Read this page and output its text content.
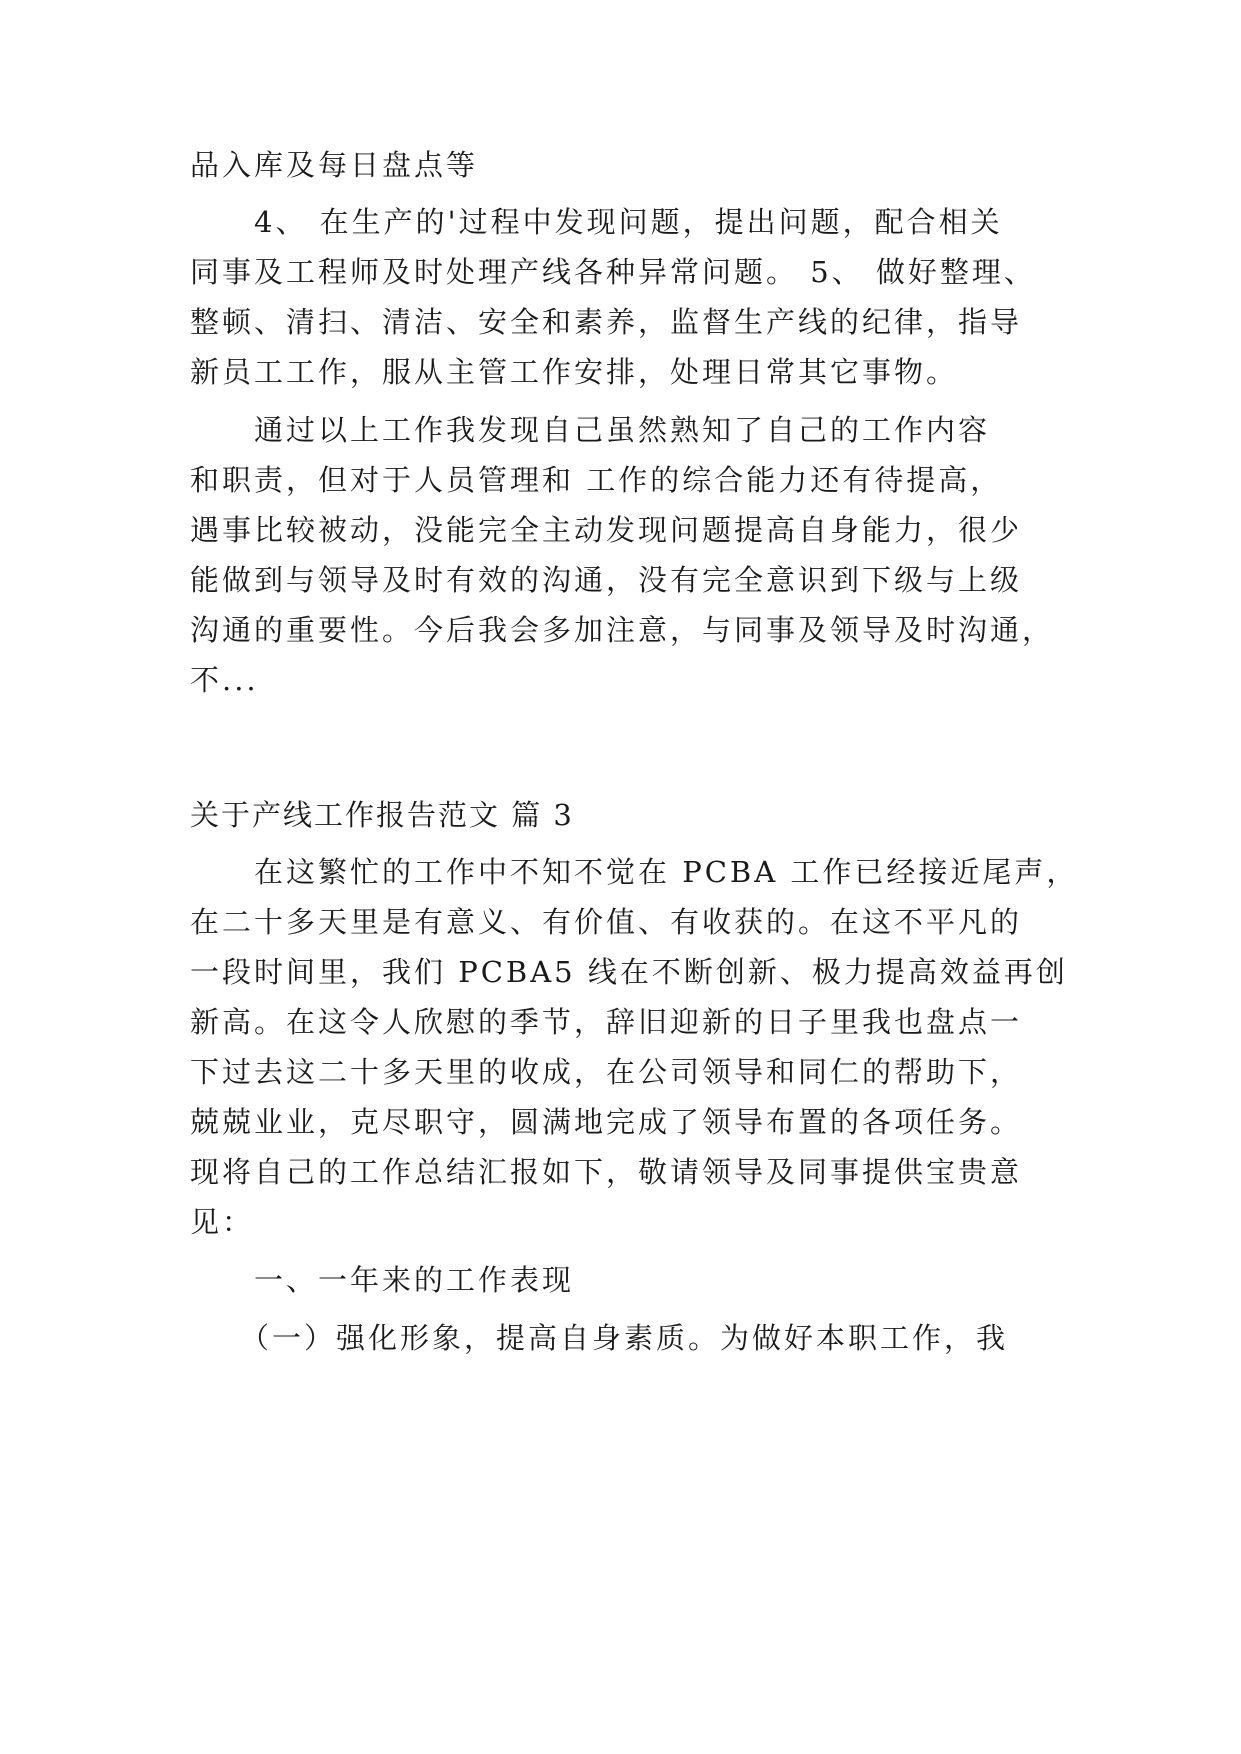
品入库及每日盘点等

4、 在生产的'过程中发现问题，提出问题，配合相关

同事及工程师及时处理产线各种异常问题。 5、 做好整理、

整顿、清扫、清洁、安全和素养，监督生产线的纪律，指导

新员工工作，服从主管工作安排，处理日常其它事物。

通过以上工作我发现自己虽然熟知了自己的工作内容

和职责，但对于人员管理和 工作的综合能力还有待提高，

遇事比较被动，没能完全主动发现问题提高自身能力，很少

能做到与领导及时有效的沟通，没有完全意识到下级与上级

沟通的重要性。今后我会多加注意，与同事及领导及时沟通，

不...

关于产线工作报告范文 篇 3

在这繁忙的工作中不知不觉在 PCBA 工作已经接近尾声，

在二十多天里是有意义、有价值、有收获的。在这不平凡的

一段时间里，我们 PCBA5 线在不断创新、极力提高效益再创

新高。在这令人欣慰的季节，辞旧迎新的日子里我也盘点一

下过去这二十多天里的收成，在公司领导和同仁的帮助下，

兢兢业业，克尽职守，圆满地完成了领导布置的各项任务。

现将自己的工作总结汇报如下，敬请领导及同事提供宝贵意

见：

一、一年来的工作表现

（一）强化形象，提高自身素质。为做好本职工作，我
